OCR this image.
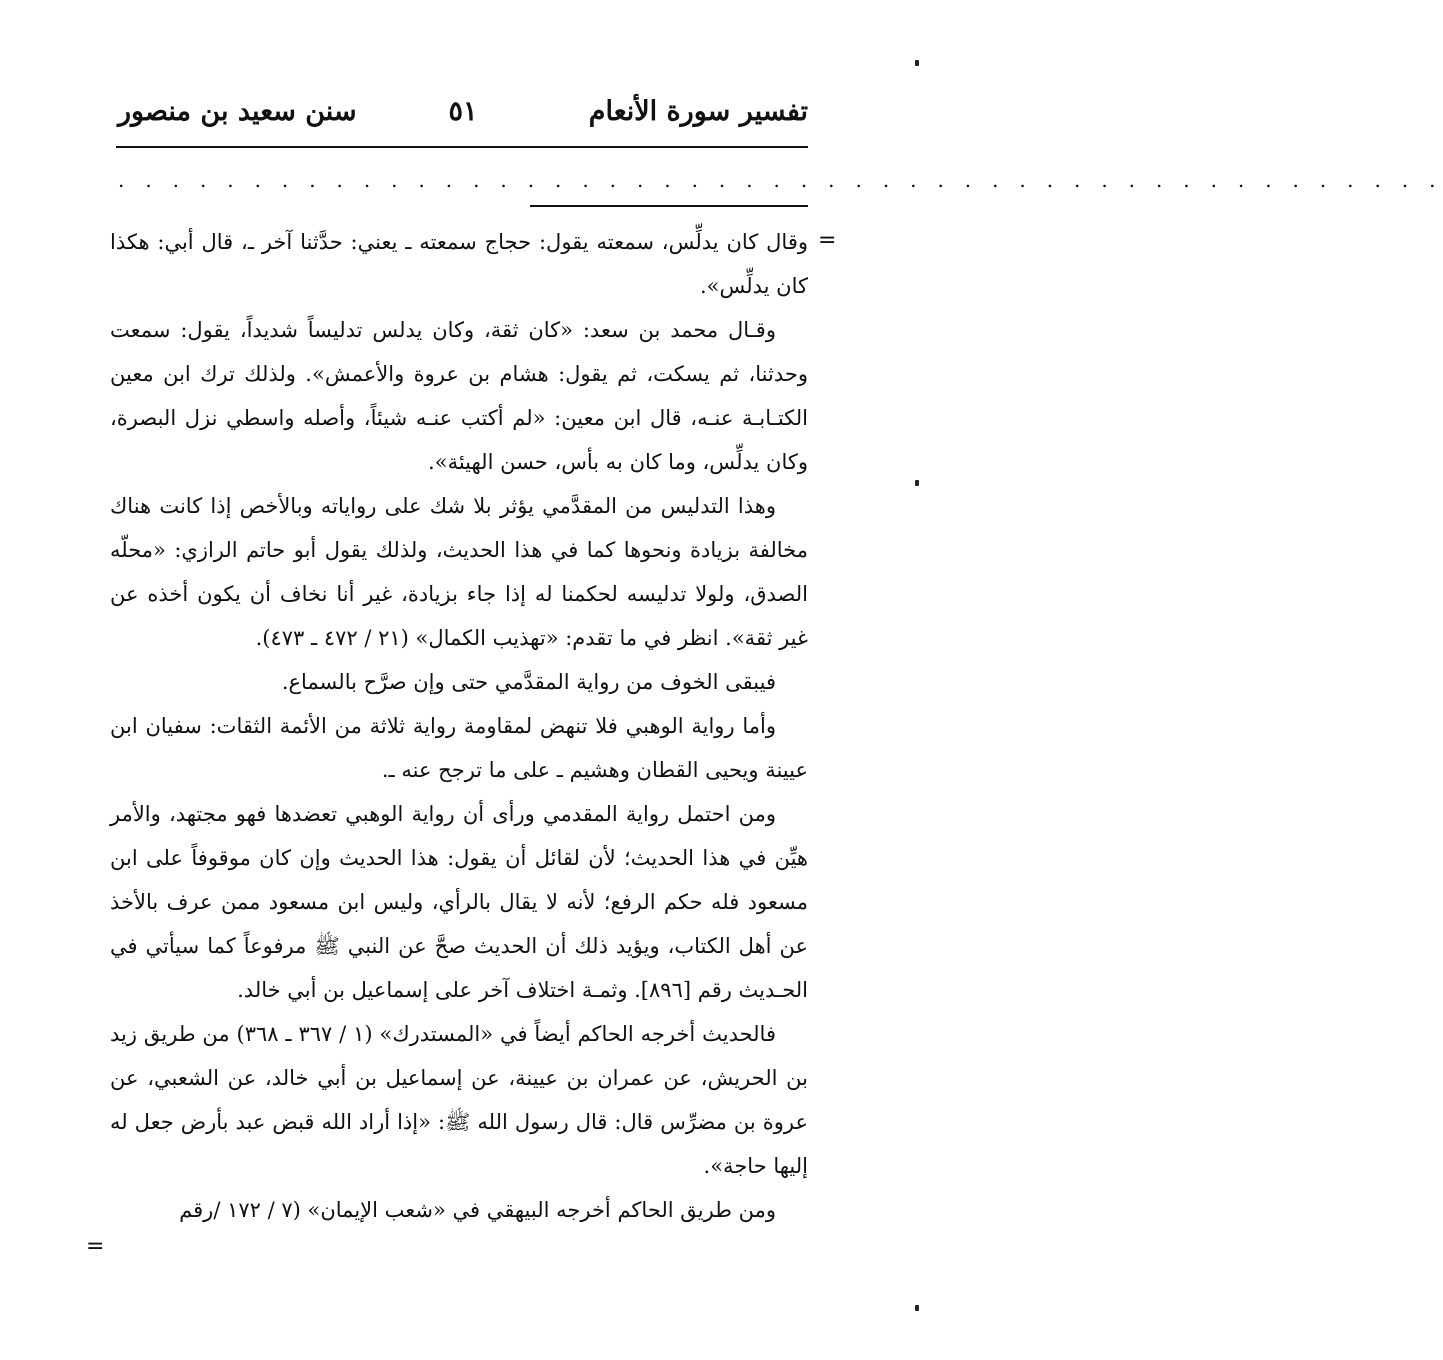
تفسير سورة الأنعام
٥١
سنن سعيد بن منصور
. . . . . . . . . . . . . . . . . . . . . . . . . . . . . . . . . . . . . . . . . . . . . . . . .
=
=

وقال كان يدلِّس، سمعته يقول: حجاج سمعته ـ يعني: حدَّثنا آخر ـ، قال أبي: هكذا كان يدلِّس».

وقـال محمد بن سعد: «كان ثقة، وكان يدلس تدليساً شديداً، يقول: سمعت وحدثنا، ثم يسكت، ثم يقول: هشام بن عروة والأعمش». ولذلك ترك ابن معين الكتـابـة عنـه، قال ابن معين: «لم أكتب عنـه شيئاً، وأصله واسطي نزل البصرة، وكان يدلِّس، وما كان به بأس، حسن الهيئة».

وهذا التدليس من المقدَّمي يؤثر بلا شك على رواياته وبالأخص إذا كانت هناك مخالفة بزيادة ونحوها كما في هذا الحديث، ولذلك يقول أبو حاتم الرازي: «محلّه الصدق، ولولا تدليسه لحكمنا له إذا جاء بزيادة، غير أنا نخاف أن يكون أخذه عن غير ثقة». انظر في ما تقدم: «تهذيب الكمال» (٢١ / ٤٧٢ ـ ٤٧٣).

فيبقى الخوف من رواية المقدَّمي حتى وإن صرَّح بالسماع.

وأما رواية الوهبي فلا تنهض لمقاومة رواية ثلاثة من الأئمة الثقات: سفيان ابن عيينة ويحيى القطان وهشيم ـ على ما ترجح عنه ـ.

ومن احتمل رواية المقدمي ورأى أن رواية الوهبي تعضدها فهو مجتهد، والأمر هيِّن في هذا الحديث؛ لأن لقائل أن يقول: هذا الحديث وإن كان موقوفاً على ابن مسعود فله حكم الرفع؛ لأنه لا يقال بالرأي، وليس ابن مسعود ممن عرف بالأخذ عن أهل الكتاب، ويؤيد ذلك أن الحديث صحَّ عن النبي ﷺ مرفوعاً كما سيأتي في الحـديث رقم [٨٩٦]. وثمـة اختلاف آخر على إسماعيل بن أبي خالد.

فالحديث أخرجه الحاكم أيضاً في «المستدرك» (١ / ٣٦٧ ـ ٣٦٨) من طريق زيد بن الحريش، عن عمران بن عيينة، عن إسماعيل بن أبي خالد، عن الشعبي، عن عروة بن مضرِّس قال: قال رسول الله ﷺ: «إذا أراد الله قبض عبد بأرض جعل له إليها حاجة».

ومن طريق الحاكم أخرجه البيهقي في «شعب الإيمان» (٧ / ١٧٢ /رقم
